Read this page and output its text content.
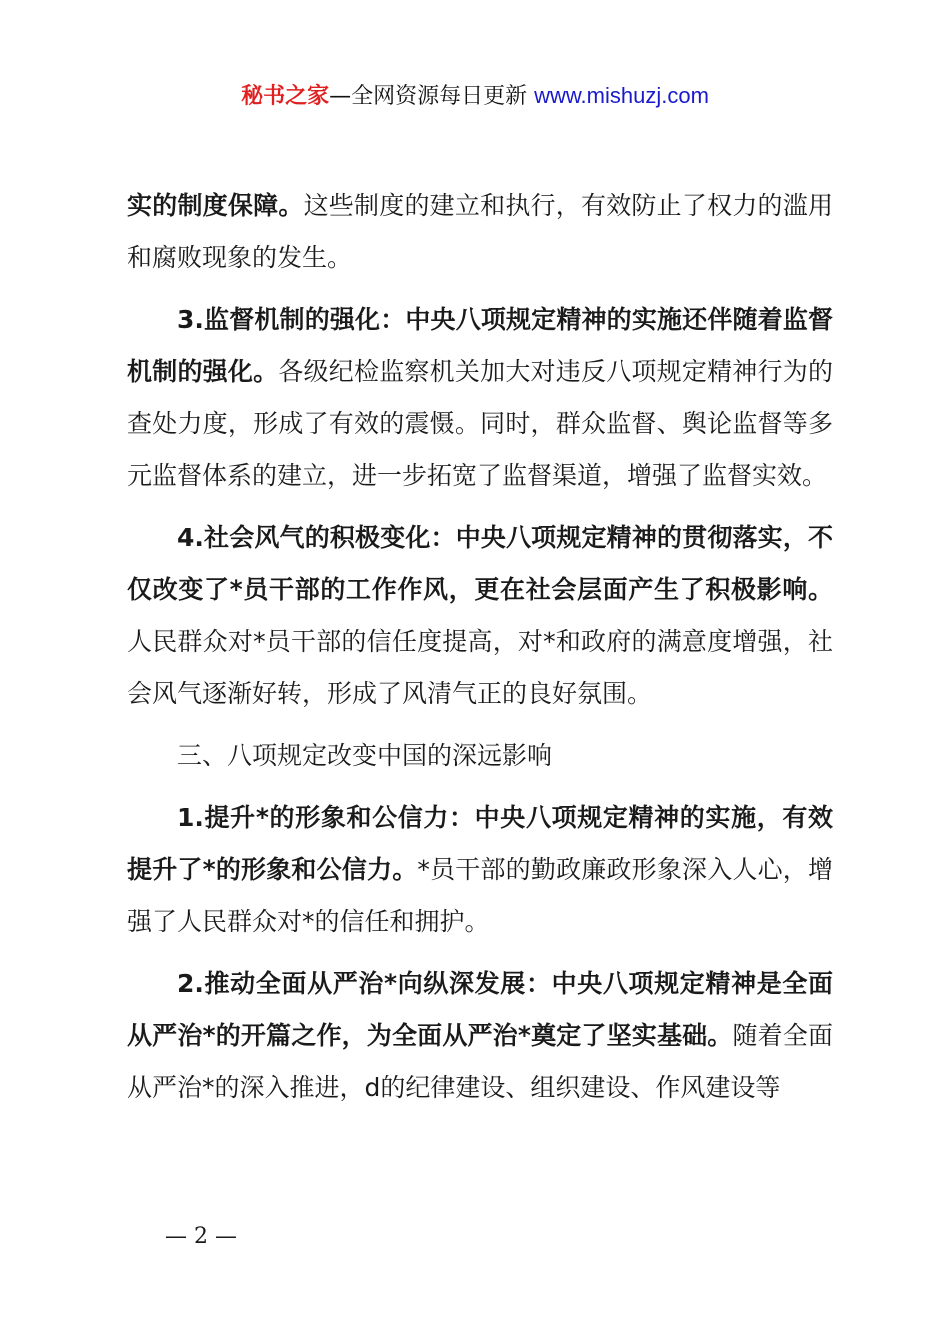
秘书之家—全网资源每日更新 www.mishuzj.com

实的制度保障。这些制度的建立和执行，有效防止了权力的滥用和腐败现象的发生。

3.监督机制的强化：中央八项规定精神的实施还伴随着监督机制的强化。各级纪检监察机关加大对违反八项规定精神行为的查处力度，形成了有效的震慑。同时，群众监督、舆论监督等多元监督体系的建立，进一步拓宽了监督渠道，增强了监督实效。

4.社会风气的积极变化：中央八项规定精神的贯彻落实，不仅改变了*员干部的工作作风，更在社会层面产生了积极影响。人民群众对*员干部的信任度提高，对*和政府的满意度增强，社会风气逐渐好转，形成了风清气正的良好氛围。

三、八项规定改变中国的深远影响

1.提升*的形象和公信力：中央八项规定精神的实施，有效提升了*的形象和公信力。*员干部的勤政廉政形象深入人心，增强了人民群众对*的信任和拥护。

2.推动全面从严治*向纵深发展：中央八项规定精神是全面从严治*的开篇之作，为全面从严治*奠定了坚实基础。随着全面从严治*的深入推进，d的纪律建设、组织建设、作风建设等

— 2 —
